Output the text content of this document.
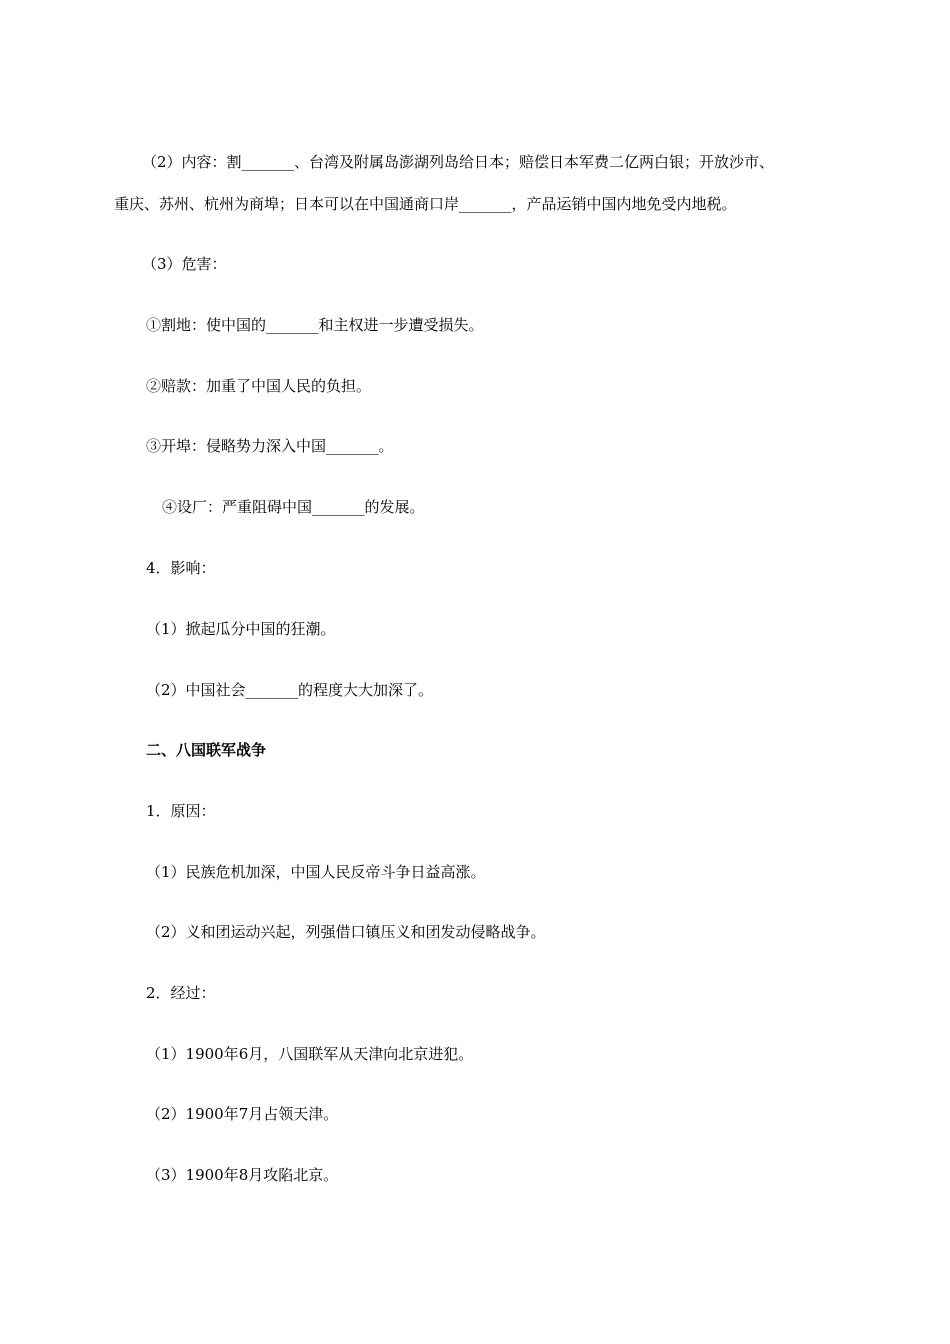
（2）内容：割_______、台湾及附属岛澎湖列岛给日本；赔偿日本军费二亿两白银；开放沙市、
重庆、苏州、杭州为商埠；日本可以在中国通商口岸_______，产品运销中国内地免受内地税。
（3）危害：
①割地：使中国的_______和主权进一步遭受损失。
②赔款：加重了中国人民的负担。
③开埠：侵略势力深入中国_______。
④设厂：严重阻碍中国_______的发展。
4．影响：
（1）掀起瓜分中国的狂潮。
（2）中国社会_______的程度大大加深了。
二、八国联军战争
1．原因：
（1）民族危机加深，中国人民反帝斗争日益高涨。
（2）义和团运动兴起，列强借口镇压义和团发动侵略战争。
2．经过：
（1）1900年6月，八国联军从天津向北京进犯。
（2）1900年7月占领天津。
（3）1900年8月攻陷北京。
